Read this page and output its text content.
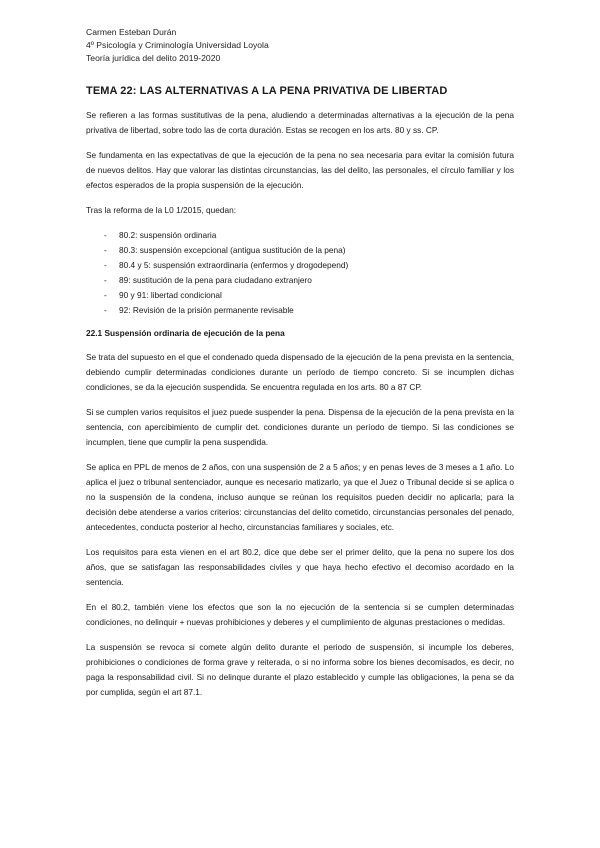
Carmen Esteban Durán
4º Psicología y Criminología Universidad Loyola
Teoría jurídica del delito 2019-2020
TEMA 22: LAS ALTERNATIVAS A LA PENA PRIVATIVA DE LIBERTAD

Se refieren a las formas sustitutivas de la pena, aludiendo a determinadas alternativas a la ejecución de la pena privativa de libertad, sobre todo las de corta duración. Estas se recogen en los arts. 80 y ss. CP.

Se fundamenta en las expectativas de que la ejecución de la pena no sea necesaria para evitar la comisión futura de nuevos delitos. Hay que valorar las distintas circunstancias, las del delito, las personales, el círculo familiar y los efectos esperados de la propia suspensión de la ejecución.

Tras la reforma de la L0 1/2015, quedan:

- 80.2: suspensión ordinaria
- 80.3: suspensión excepcional (antigua sustitución de la pena)
- 80.4 y 5: suspensión extraordinaria (enfermos y drogodepend)
- 89: sustitución de la pena para ciudadano extranjero
- 90 y 91: libertad condicional
- 92: Revisión de la prisión permanente revisable
22.1 Suspensión ordinaria de ejecución de la pena

Se trata del supuesto en el que el condenado queda dispensado de la ejecución de la pena prevista en la sentencia, debiendo cumplir determinadas condiciones durante un período de tiempo concreto. Si se incumplen dichas condiciones, se da la ejecución suspendida. Se encuentra regulada en los arts. 80 a 87 CP.

Si se cumplen varios requisitos el juez puede suspender la pena. Dispensa de la ejecución de la pena prevista en la sentencia, con apercibimiento de cumplir det. condiciones durante un período de tiempo. Si las condiciones se incumplen, tiene que cumplir la pena suspendida.

Se aplica en PPL de menos de 2 años, con una suspensión de 2 a 5 años; y en penas leves de 3 meses a 1 año. Lo aplica el juez o tribunal sentenciador, aunque es necesario matizarlo, ya que el Juez o Tribunal decide si se aplica o no la suspensión de la condena, incluso aunque se reúnan los requisitos pueden decidir no aplicarla; para la decisión debe atenderse a varios criterios: circunstancias del delito cometido, circunstancias personales del penado, antecedentes, conducta posterior al hecho, circunstancias familiares y sociales, etc.

Los requisitos para esta vienen en el art 80.2, dice que debe ser el primer delito, que la pena no supere los dos años, que se satisfagan las responsabilidades civiles y que haya hecho efectivo el decomiso acordado en la sentencia.

En el 80.2, también viene los efectos que son la no ejecución de la sentencia si se cumplen determinadas condiciones, no delinquir + nuevas prohibiciones y deberes y el cumplimiento de algunas prestaciones o medidas.

La suspensión se revoca si comete algún delito durante el periodo de suspensión, si incumple los deberes, prohibiciones o condiciones de forma grave y reiterada, o si no informa sobre los bienes decomisados, es decir, no paga la responsabilidad civil. Si no delinque durante el plazo establecido y cumple las obligaciones, la pena se da por cumplida, según el art 87.1.
